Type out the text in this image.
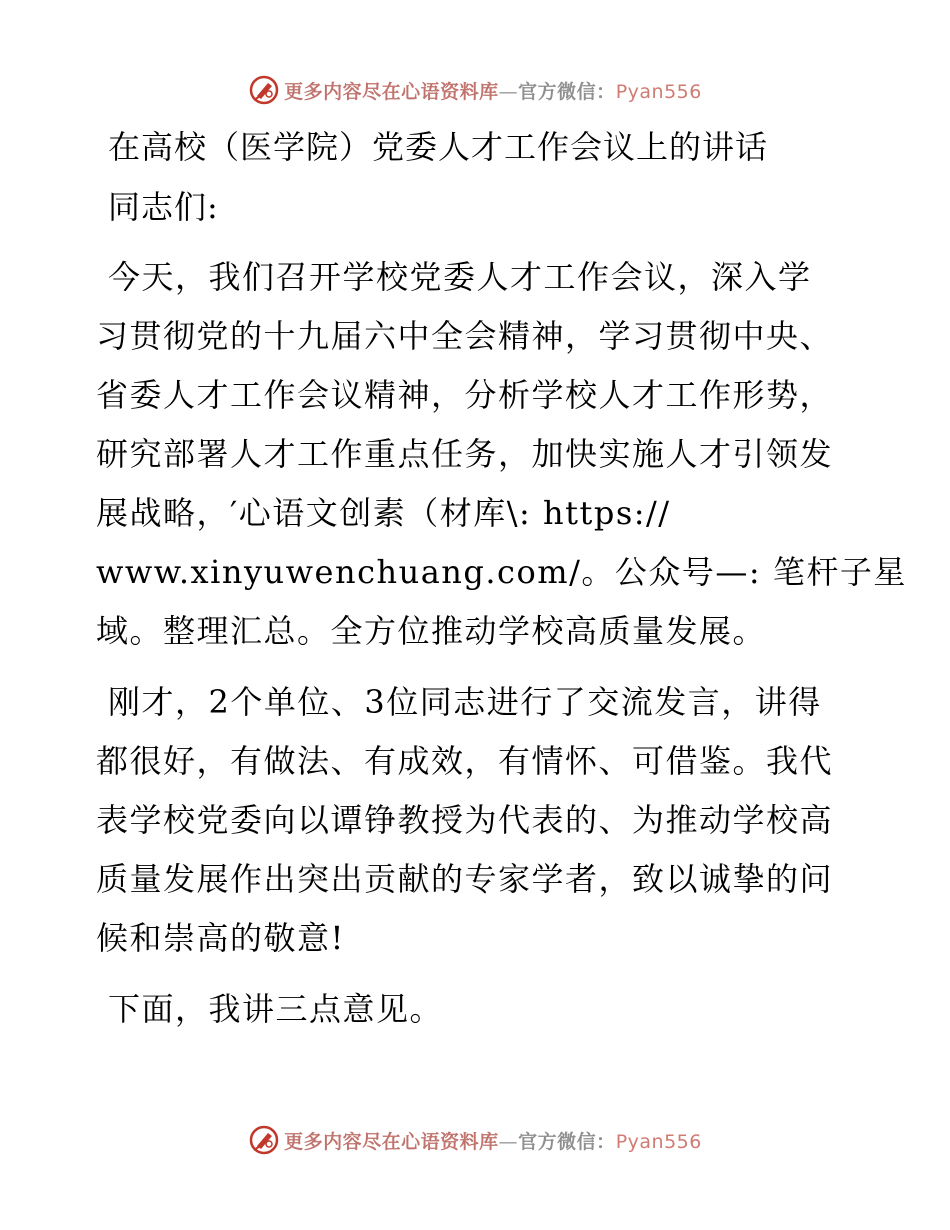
更多内容尽在心语资料库—官方微信：Pyan556
在高校（医学院）党委人才工作会议上的讲话
同志们:
今天，我们召开学校党委人才工作会议，深入学
习贯彻党的十九届六中全会精神，学习贯彻中央、
省委人才工作会议精神，分析学校人才工作形势，
研究部署人才工作重点任务，加快实施人才引领发
展战略，′心语文创素（材库\: https://
www.xinyuwenchuang.com/。公众号—: 笔杆子星
域。整理汇总。全方位推动学校高质量发展。
刚才，2个单位、3位同志进行了交流发言，讲得
都很好，有做法、有成效，有情怀、可借鉴。我代
表学校党委向以谭铮教授为代表的、为推动学校高
质量发展作出突出贡献的专家学者，致以诚挚的问
候和崇高的敬意!
下面，我讲三点意见。
更多内容尽在心语资料库—官方微信：Pyan556
